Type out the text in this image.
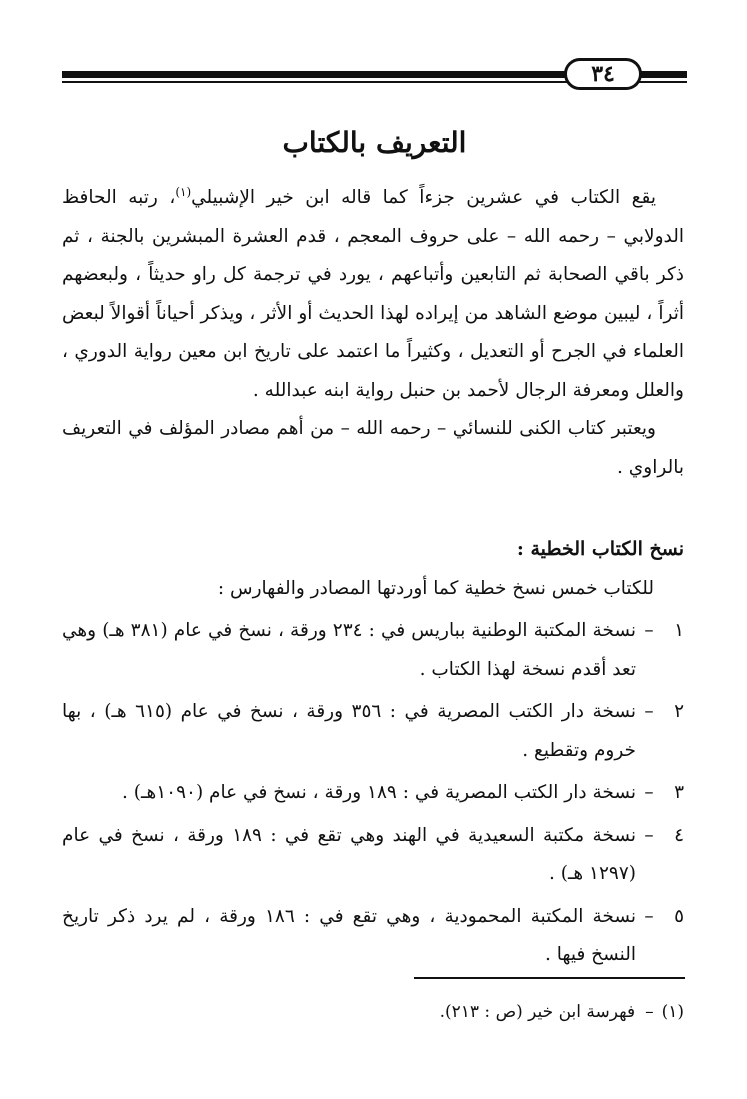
٣٤
التعريف بالكتاب

يقع الكتاب في عشرين جزءاً كما قاله ابن خير الإشبيلي$^{(١)}$، رتبه الحافظ الدولابي – رحمه الله – على حروف المعجم ، قدم العشرة المبشرين بالجنة ، ثم ذكر باقي الصحابة ثم التابعين وأتباعهم ، يورد في ترجمة كل راو حديثاً ، ولبعضهم أثراً ، ليبين موضع الشاهد من إيراده لهذا الحديث أو الأثر ، ويذكر أحياناً أقوالاً لبعض العلماء في الجرح أو التعديل ، وكثيراً ما اعتمد على تاريخ ابن معين رواية الدوري ، والعلل ومعرفة الرجال لأحمد بن حنبل رواية ابنه عبدالله .

ويعتبر كتاب الكنى للنسائي – رحمه الله – من أهم مصادر المؤلف في التعريف بالراوي .

نسخ الكتاب الخطية :
للكتاب خمس نسخ خطية كما أوردتها المصادر والفهارس :
١
–
نسخة المكتبة الوطنية بباريس في : ٢٣٤ ورقة ، نسخ في عام (٣٨١ هـ) وهي تعد أقدم نسخة لهذا الكتاب .
٢
–
نسخة دار الكتب المصرية في : ٣٥٦ ورقة ، نسخ في عام (٦١٥ هـ) ، بها خروم وتقطيع .
٣
–
نسخة دار الكتب المصرية في : ١٨٩ ورقة ، نسخ في عام (١٠٩٠هـ) .
٤
–
نسخة مكتبة السعيدية في الهند وهي تقع في : ١٨٩ ورقة ، نسخ في عام (١٢٩٧ هـ) .
٥
–
نسخة المكتبة المحمودية ، وهي تقع في : ١٨٦ ورقة ، لم يرد ذكر تاريخ النسخ فيها .
(١)
–
فهرسة ابن خير (ص : ٢١٣).
